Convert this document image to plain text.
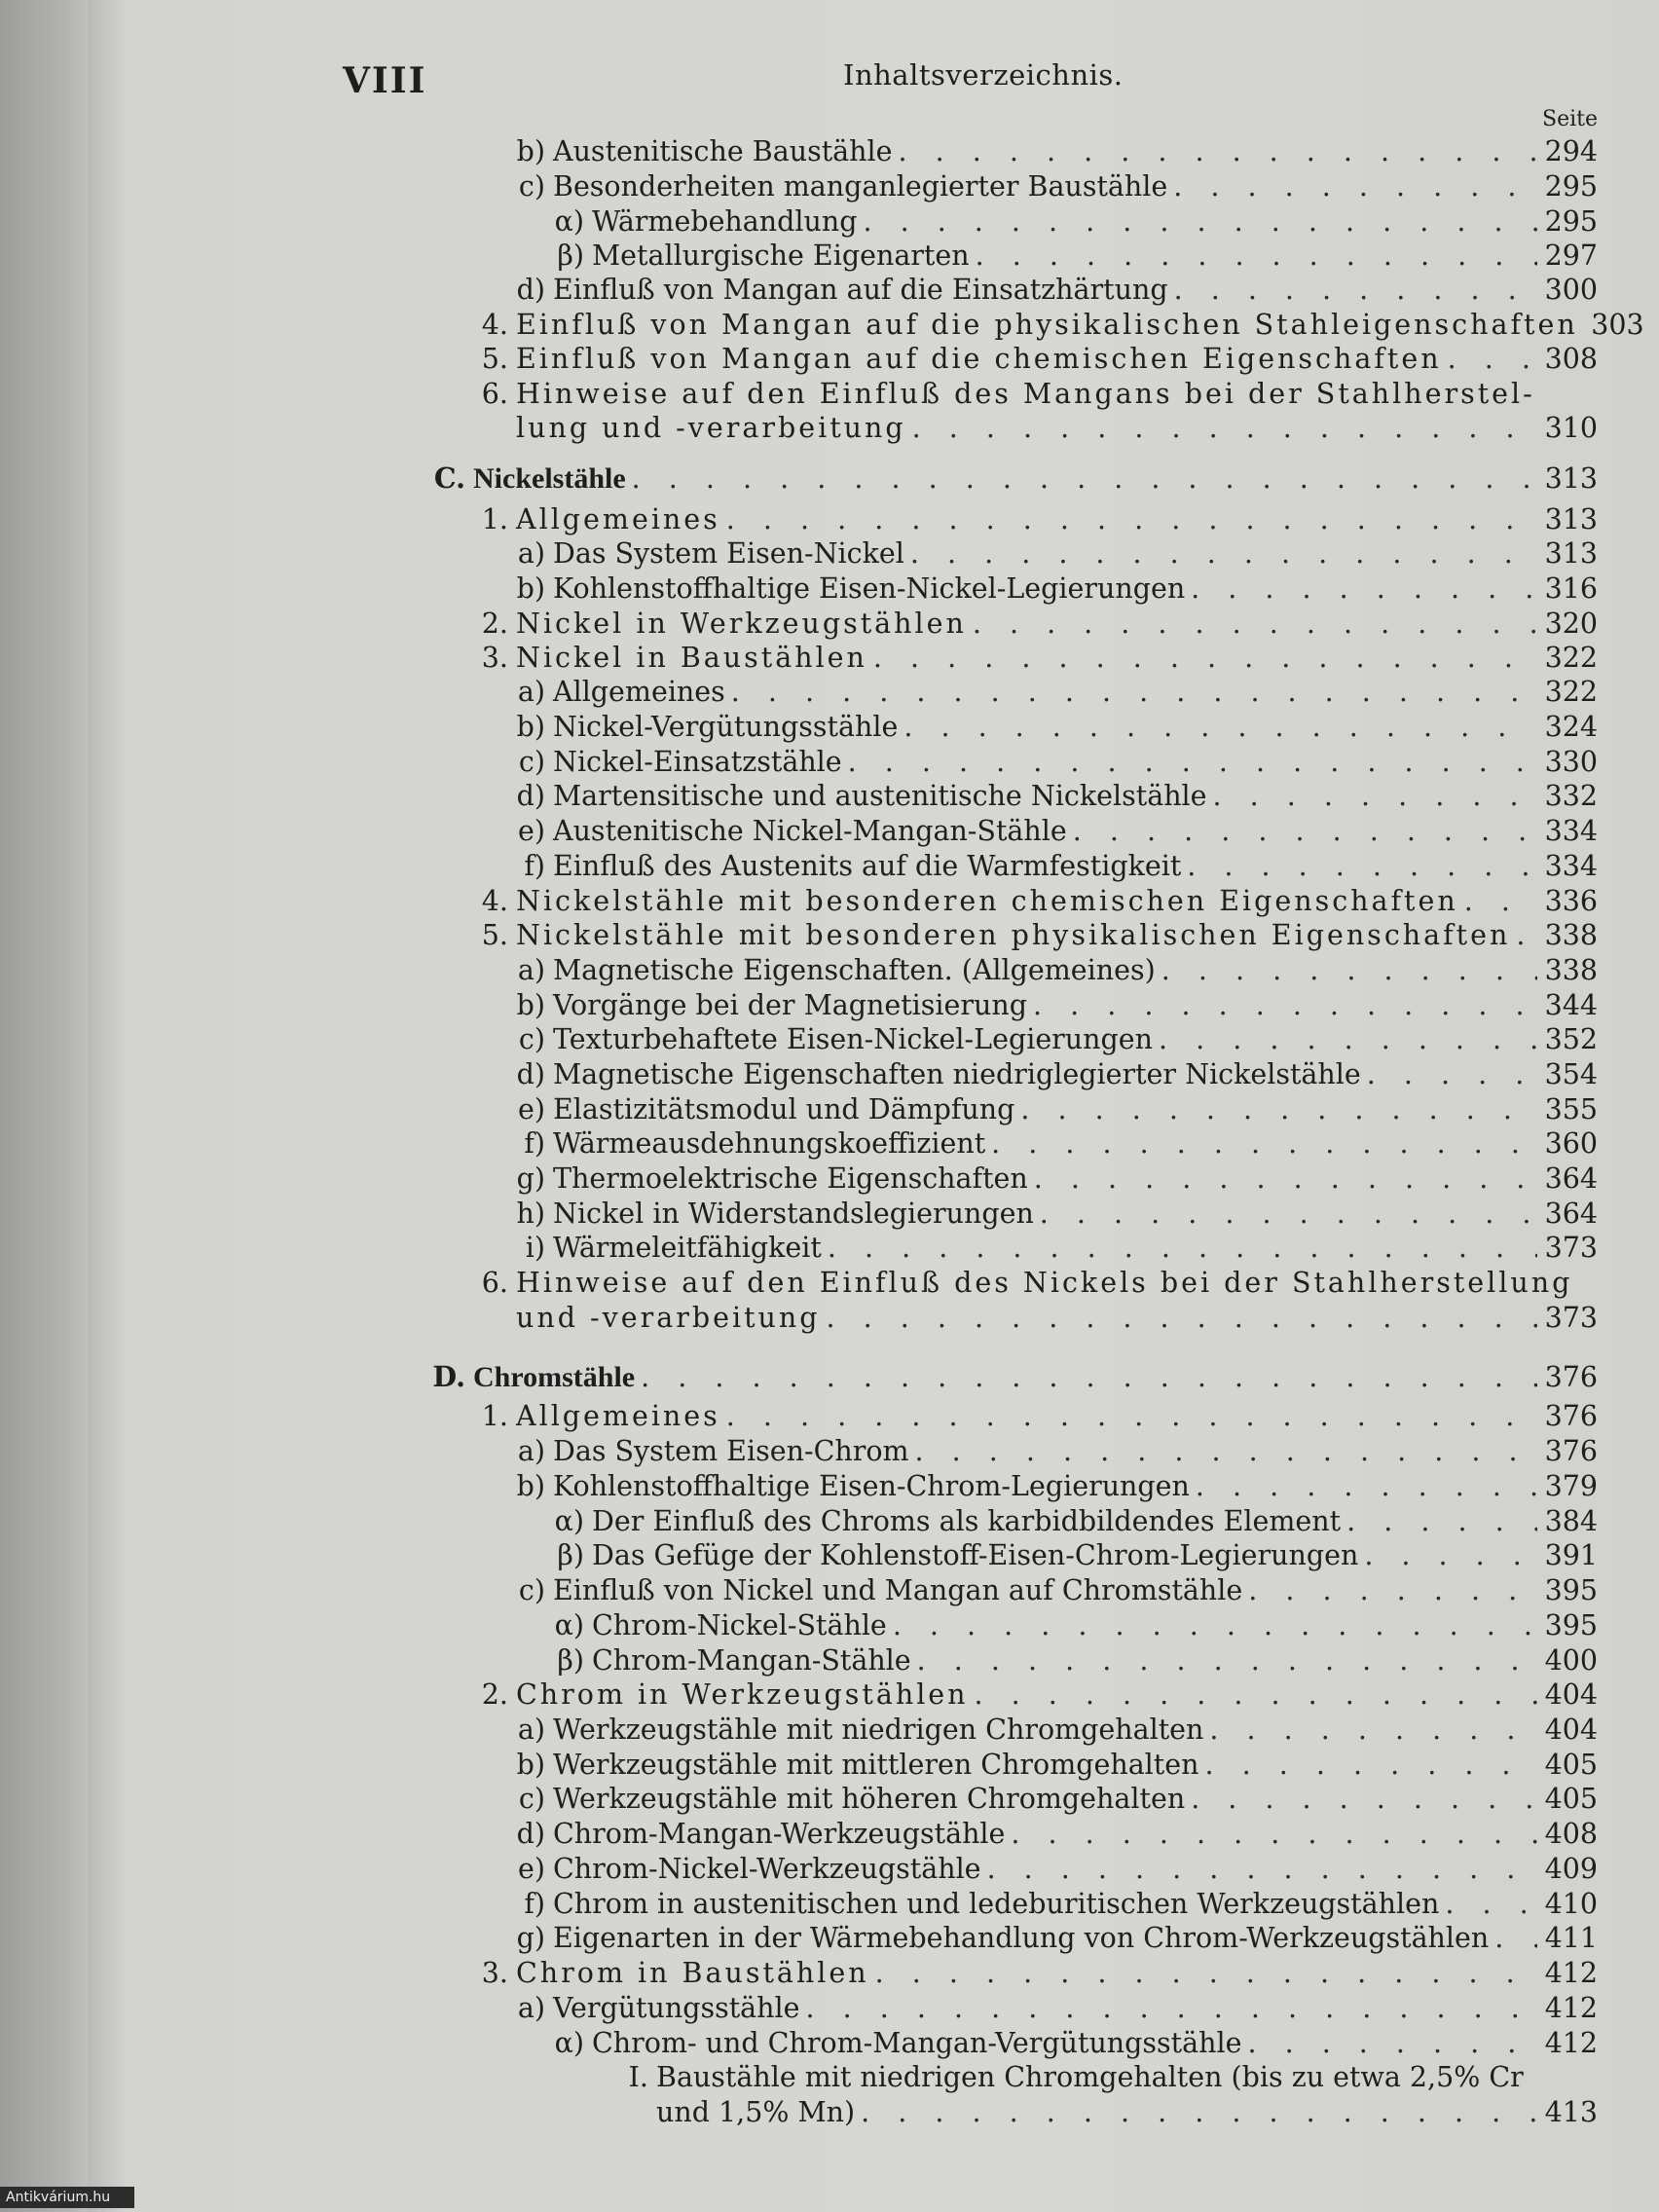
VIII	Inhaltsverzeichnis.
Seite
b) Austenitische Baustähle . . .	294
c) Besonderheiten manganlegierter Baustähle . . .	295
α) Wärmebehandlung . . .	295
β) Metallurgische Eigenarten . . .	297
d) Einfluß von Mangan auf die Einsatzhärtung . . .	300
4. Einfluß von Mangan auf die physikalischen Stahleigenschaften 303
5. Einfluß von Mangan auf die chemischen Eigenschaften . . .	308
6. Hinweise auf den Einfluß des Mangans bei der Stahlherstel-
lung und -verarbeitung . . .	310
C. Nickelstähle . . .	313
1. Allgemeines . . .	313
a) Das System Eisen-Nickel . . .	313
b) Kohlenstoffhaltige Eisen-Nickel-Legierungen . . .	316
2. Nickel in Werkzeugstählen . . .	320
3. Nickel in Baustählen . . .	322
a) Allgemeines . . .	322
b) Nickel-Vergütungsstähle . . .	324
c) Nickel-Einsatzstähle . . .	330
d) Martensitische und austenitische Nickelstähle . . .	332
e) Austenitische Nickel-Mangan-Stähle . . .	334
f) Einfluß des Austenits auf die Warmfestigkeit . . .	334
4. Nickelstähle mit besonderen chemischen Eigenschaften . . .	336
5. Nickelstähle mit besonderen physikalischen Eigenschaften . . . 338
a) Magnetische Eigenschaften. (Allgemeines) . . .	338
b) Vorgänge bei der Magnetisierung . . .	344
c) Texturbehaftete Eisen-Nickel-Legierungen . . .	352
d) Magnetische Eigenschaften niedriglegierter Nickelstähle . . .	354
e) Elastizitätsmodul und Dämpfung . . .	355
f) Wärmeausdehnungskoeffizient . . .	360
g) Thermoelektrische Eigenschaften . . .	364
h) Nickel in Widerstandslegierungen . . .	364
i) Wärmeleitfähigkeit . . .	373
6. Hinweise auf den Einfluß des Nickels bei der Stahlherstellung
und -verarbeitung . . .	373
D. Chromstähle . . .	376
1. Allgemeines . . .	376
a) Das System Eisen-Chrom . . .	376
b) Kohlenstoffhaltige Eisen-Chrom-Legierungen . . .	379
α) Der Einfluß des Chroms als karbidbildendes Element . . .	384
β) Das Gefüge der Kohlenstoff-Eisen-Chrom-Legierungen . . .	391
c) Einfluß von Nickel und Mangan auf Chromstähle . . .	395
α) Chrom-Nickel-Stähle . . .	395
β) Chrom-Mangan-Stähle . . .	400
2. Chrom in Werkzeugstählen . . .	404
a) Werkzeugstähle mit niedrigen Chromgehalten . . .	404
b) Werkzeugstähle mit mittleren Chromgehalten . . .	405
c) Werkzeugstähle mit höheren Chromgehalten . . .	405
d) Chrom-Mangan-Werkzeugstähle . . .	408
e) Chrom-Nickel-Werkzeugstähle . . .	409
f) Chrom in austenitischen und ledeburitischen Werkzeugstählen . . .	410
g) Eigenarten in der Wärmebehandlung von Chrom-Werkzeugstählen . . . 411
3. Chrom in Baustählen . . .	412
a) Vergütungsstähle . . .	412
α) Chrom- und Chrom-Mangan-Vergütungsstähle . . .	412
I. Baustähle mit niedrigen Chromgehalten (bis zu etwa 2,5% Cr
und 1,5% Mn) . . .	413
Antikvárium.hu
